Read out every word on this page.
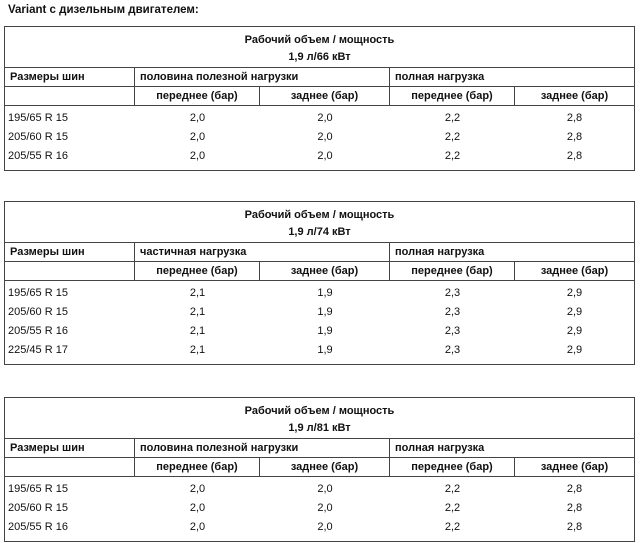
Variant с дизельным двигателем:
Рабочий объем / мощность
1,9 л/66 кВт
Размеры шин	половина полезной нагрузки	полная нагрузка
переднее (бар)	заднее (бар)	переднее (бар)	заднее (бар)
195/65 R 15	2,0	2,0	2,2	2,8
205/60 R 15	2,0	2,0	2,2	2,8
205/55 R 16	2,0	2,0	2,2	2,8
Рабочий объем / мощность
1,9 л/74 кВт
Размеры шин	частичная нагрузка	полная нагрузка
переднее (бар)	заднее (бар)	переднее (бар)	заднее (бар)
195/65 R 15	2,1	1,9	2,3	2,9
205/60 R 15	2,1	1,9	2,3	2,9
205/55 R 16	2,1	1,9	2,3	2,9
225/45 R 17	2,1	1,9	2,3	2,9
Рабочий объем / мощность
1,9 л/81 кВт
Размеры шин	половина полезной нагрузки	полная нагрузка
переднее (бар)	заднее (бар)	переднее (бар)	заднее (бар)
195/65 R 15	2,0	2,0	2,2	2,8
205/60 R 15	2,0	2,0	2,2	2,8
205/55 R 16	2,0	2,0	2,2	2,8
